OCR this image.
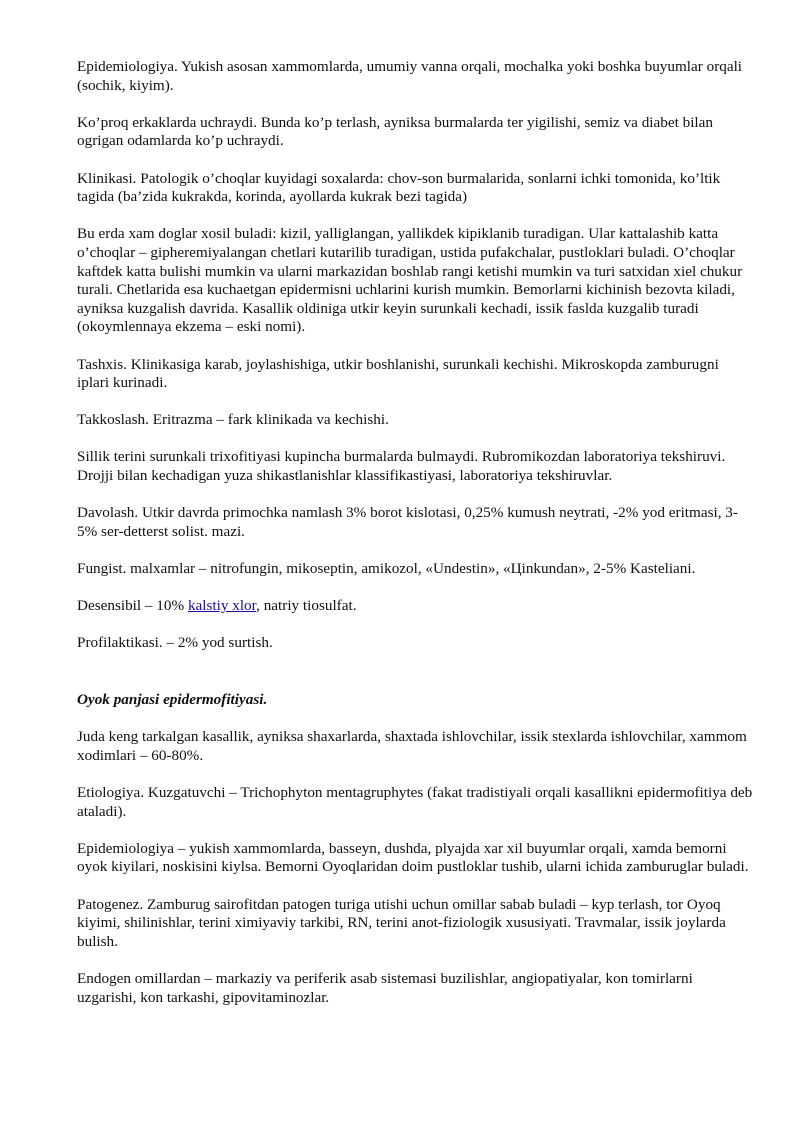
Epidemiologiya. Yukish asosan xammomlarda, umumiy vanna orqali, mochalka yoki boshka buyumlar orqali (sochik, kiyim).

Ko’proq erkaklarda uchraydi. Bunda ko’p terlash, ayniksa burmalarda ter yigilishi, semiz va diabet bilan ogrigan odamlarda ko’p uchraydi.

Klinikasi. Patologik o’choqlar kuyidagi soxalarda: chov-son burmalarida, sonlarni ichki tomonida, ko’ltik tagida (ba’zida kukrakda, korinda, ayollarda kukrak bezi tagida)

Bu erda xam doglar xosil buladi: kizil, yalliglangan, yallikdek kipiklanib turadigan. Ular kattalashib katta o’choqlar – gipheremiyalangan chetlari kutarilib turadigan, ustida pufakchalar, pustloklari buladi. O’choqlar kaftdek katta bulishi mumkin va ularni markazidan boshlab rangi ketishi mumkin va turi satxidan xiel chukur turali. Chetlarida esa kuchaetgan epidermisni uchlarini kurish mumkin. Bemorlarni kichinish bezovta kiladi, ayniksa kuzgalish davrida. Kasallik oldiniga utkir keyin surunkali kechadi, issik fasldа kuzgalib turadi (okoymlennaya ekzema – eski nomi).

Tashxis. Klinikasiga karab, joylashishiga, utkir boshlanishi, surunkali kechishi. Mikroskopda zamburugni iplari kurinadi.

Takkoslash. Eritrazma – fark klinikada va kechishi.

Sillik terini surunkali trixofitiyasi kupincha burmalarda bulmaydi. Rubromikozdan laboratoriya tekshiruvi. Drojji bilan kechadigan yuza shikastlanishlar klassifikastiyasi, laboratoriya tekshiruvlar.

Davolash. Utkir davrda primochka namlash 3% borot kislotasi, 0,25% kumush neytrati, -2% yod eritmasi, 3-5% ser-detterst solist. mazi.

Fungist. malxamlar – nitrofungin, mikoseptin, amikozol, «Undestin», «Цinkundan», 2-5% Kasteliani.

Desensibil – 10% kalstiy xlor, natriy tiosulfat.

Profilaktikasi. – 2% yod surtish.

Oyok panjasi epidermofitiyasi.

Juda keng tarkalgan kasallik, ayniksa shaxarlarda, shaxtada ishlovchilar, issik stexlarda ishlovchilar, xammom xodimlari – 60-80%.

Etiologiya. Kuzgatuvchi – Trichophyton mentagruphytes (fakat tradistiyali orqali kasallikni epidermofitiya deb ataladi).

Epidemiologiya – yukish xammomlarda, basseyn, dushda, plyajda xar xil buyumlar orqali, xamda bemorni oyok kiyilari, noskisini kiylsa. Bemorni Oyoqlaridan doim pustloklar tushib, ularni ichida zamburuglar buladi.

Patogenez. Zamburug sairofitdan patogen turiga utishi uchun omillar sabab buladi – kyp terlash, tor Oyoq kiyimi, shilinishlar, terini ximiyaviy tarkibi, RN, terini anot-fiziologik xususiyati. Travmalar, issik joylarda bulish.

Endogen omillardan – markaziy va periferik asab sistemasi buzilishlar, angiopatiyalar, kon tomirlarni uzgarishi, kon tarkashi, gipovitaminozlar.
